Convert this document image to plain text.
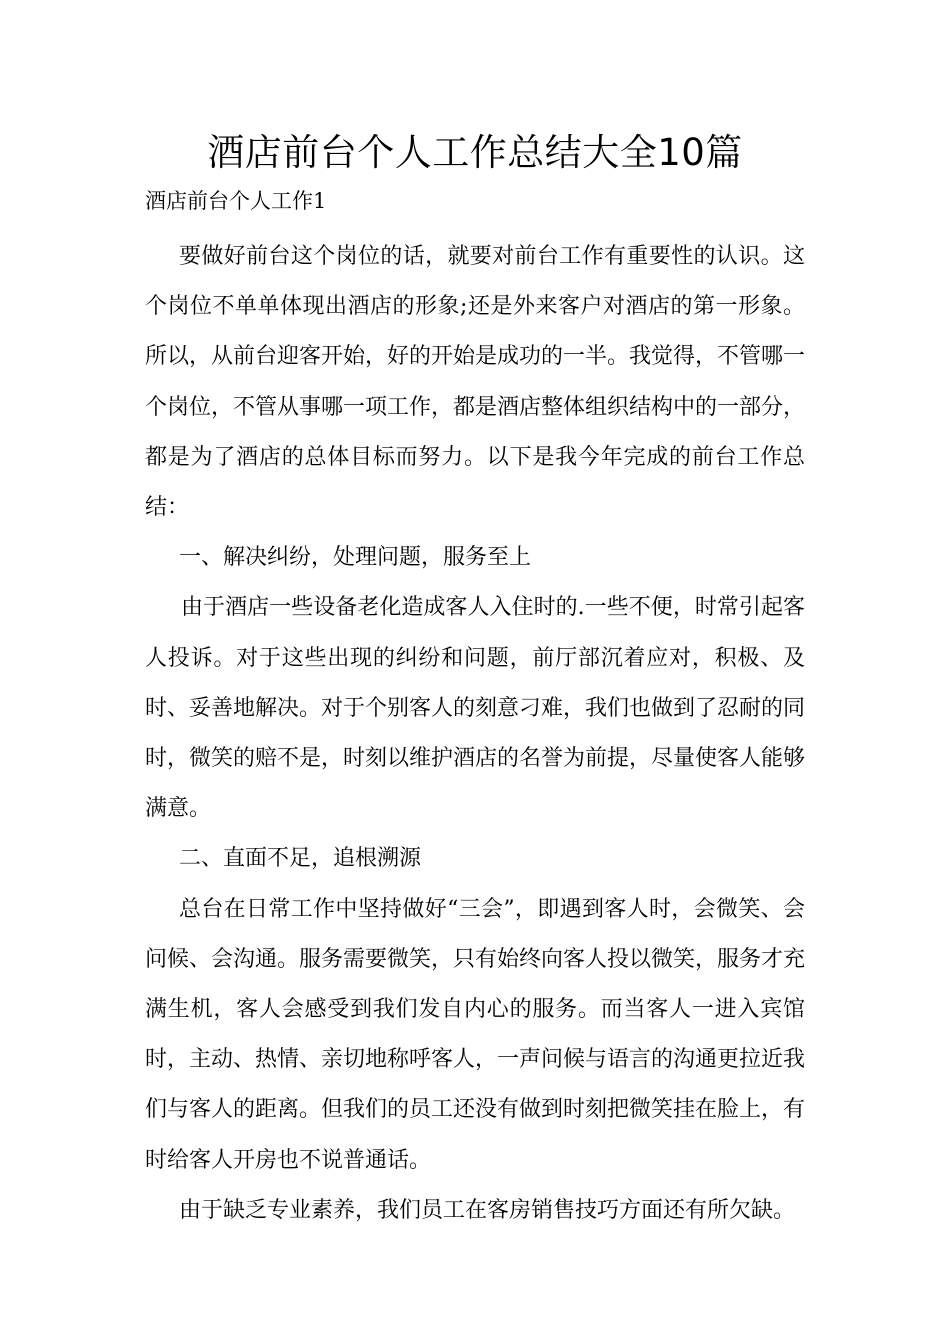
酒店前台个人工作总结大全10篇

酒店前台个人工作1

要做好前台这个岗位的话，就要对前台工作有重要性的认识。这个岗位不单单体现出酒店的形象;还是外来客户对酒店的第一形象。所以，从前台迎客开始，好的开始是成功的一半。我觉得，不管哪一个岗位，不管从事哪一项工作，都是酒店整体组织结构中的一部分，都是为了酒店的总体目标而努力。以下是我今年完成的前台工作总结：

一、解决纠纷，处理问题，服务至上

由于酒店一些设备老化造成客人入住时的.一些不便，时常引起客人投诉。对于这些出现的纠纷和问题，前厅部沉着应对，积极、及时、妥善地解决。对于个别客人的刻意刁难，我们也做到了忍耐的同时，微笑的赔不是，时刻以维护酒店的名誉为前提，尽量使客人能够满意。

二、直面不足，追根溯源

总台在日常工作中坚持做好“三会”，即遇到客人时，会微笑、会问候、会沟通。服务需要微笑，只有始终向客人投以微笑，服务才充满生机，客人会感受到我们发自内心的服务。而当客人一进入宾馆时，主动、热情、亲切地称呼客人，一声问候与语言的沟通更拉近我们与客人的距离。但我们的员工还没有做到时刻把微笑挂在脸上，有时给客人开房也不说普通话。

由于缺乏专业素养，我们员工在客房销售技巧方面还有所欠缺。
